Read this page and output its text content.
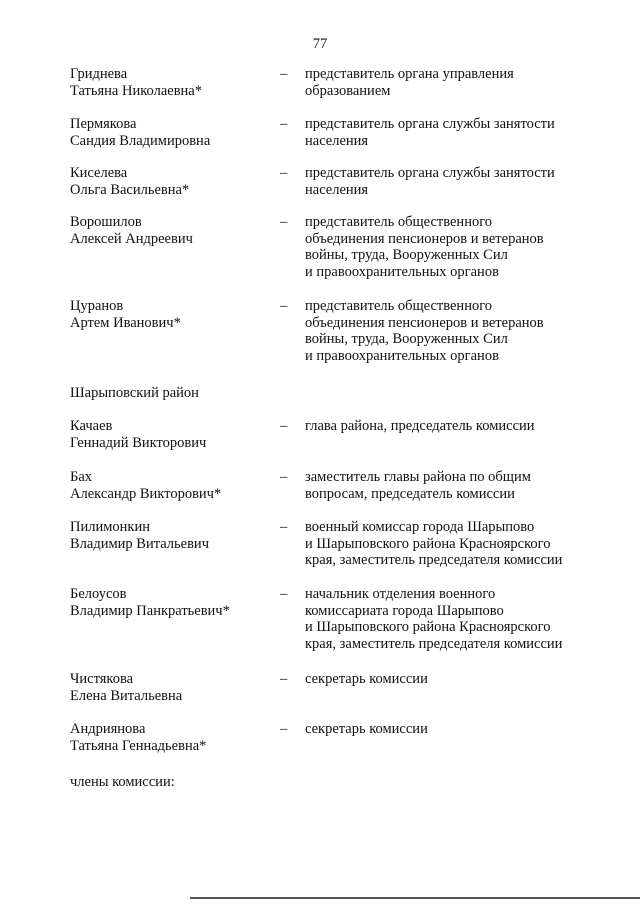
77
Гриднева
Татьяна Николаевна*
– представитель органа управления
образованием
Пермякова
Сандия Владимировна
– представитель органа службы занятости
населения
Киселева
Ольга Васильевна*
– представитель органа службы занятости
населения
Ворошилов
Алексей Андреевич
– представитель общественного
объединения пенсионеров и ветеранов
войны, труда, Вооруженных Сил
и правоохранительных органов
Цуранов
Артем Иванович*
– представитель общественного
объединения пенсионеров и ветеранов
войны, труда, Вооруженных Сил
и правоохранительных органов
Шарыповский район
Качаев
Геннадий Викторович
– глава района, председатель комиссии
Бах
Александр Викторович*
– заместитель главы района по общим
вопросам, председатель комиссии
Пилимонкин
Владимир Витальевич
– военный комиссар города Шарыпово
и Шарыповского района Красноярского
края, заместитель председателя комиссии
Белоусов
Владимир Панкратьевич*
– начальник отделения военного
комиссариата города Шарыпово
и Шарыповского района Красноярского
края, заместитель председателя комиссии
Чистякова
Елена Витальевна
– секретарь комиссии
Андриянова
Татьяна Геннадьевна*
– секретарь комиссии
члены комиссии:
